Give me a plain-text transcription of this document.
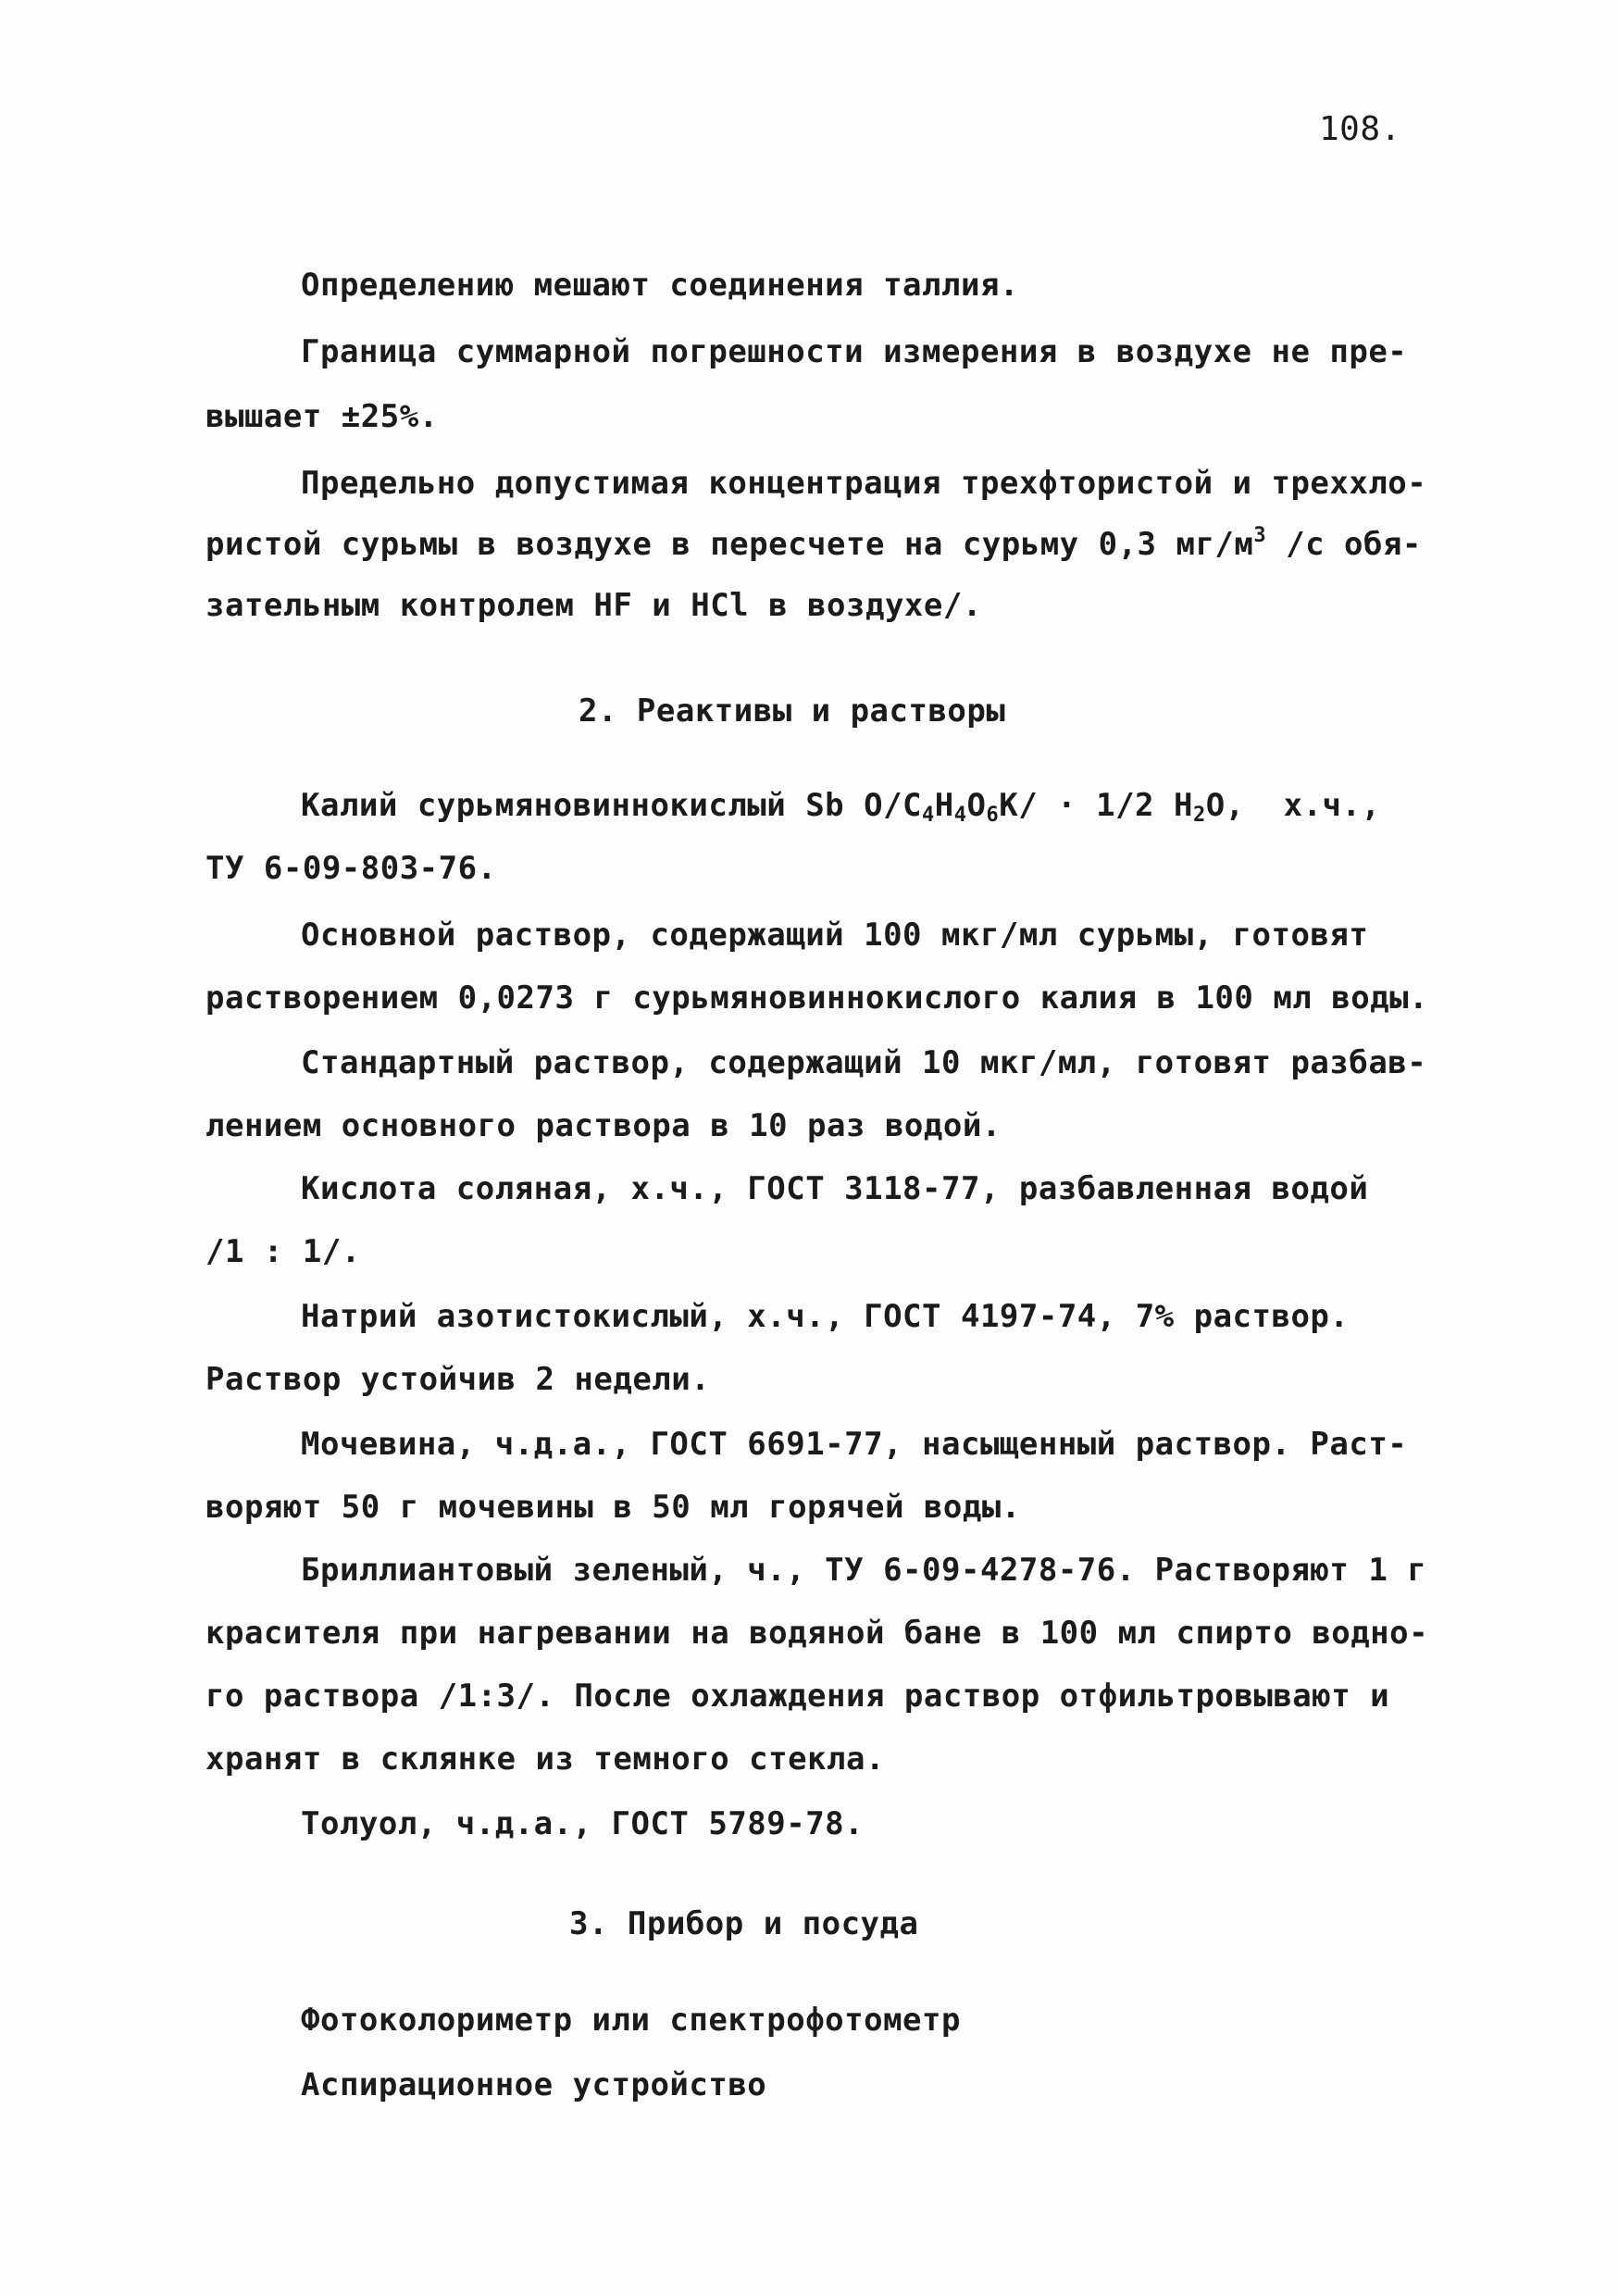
108.
Определению мешают соединения таллия.
Граница суммарной погрешности измерения в воздухе не пре-
вышает ±25%.
Предельно допустимая концентрация трехфтористой и треххло-
ристой сурьмы в воздухе в пересчете на сурьму 0,3 $мг/м^3$ /с обя-
зательным контролем HF и HCl в воздухе/.
2. Реактивы и растворы
Калий сурьмяновиннокислый Sb $O/C_4H_4O_6K/ \cdot 1/2$ $H_2O$,  х.ч.,
ТУ 6-09-803-76.
Основной раствор, содержащий 100 мкг/мл сурьмы, готовят
растворением 0,0273 г сурьмяновиннокислого калия в 100 мл воды.
Стандартный раствор, содержащий 10 мкг/мл, готовят разбав-
лением основного раствора в 10 раз водой.
Кислота соляная, х.ч., ГОСТ 3118-77, разбавленная водой
/1 : 1/.
Натрий азотистокислый, х.ч., ГОСТ 4197-74, 7% раствор.
Раствор устойчив 2 недели.
Мочевина, ч.д.а., ГОСТ 6691-77, насыщенный раствор. Раст-
воряют 50 г мочевины в 50 мл горячей воды.
Бриллиантовый зеленый, ч., ТУ 6-09-4278-76. Растворяют 1 г
красителя при нагревании на водяной бане в 100 мл спирто водно-
го раствора /1:3/. После охлаждения раствор отфильтровывают и
хранят в склянке из темного стекла.
Толуол, ч.д.а., ГОСТ 5789-78.
3. Прибор и посуда
Фотоколориметр или спектрофотометр
Аспирационное устройство
